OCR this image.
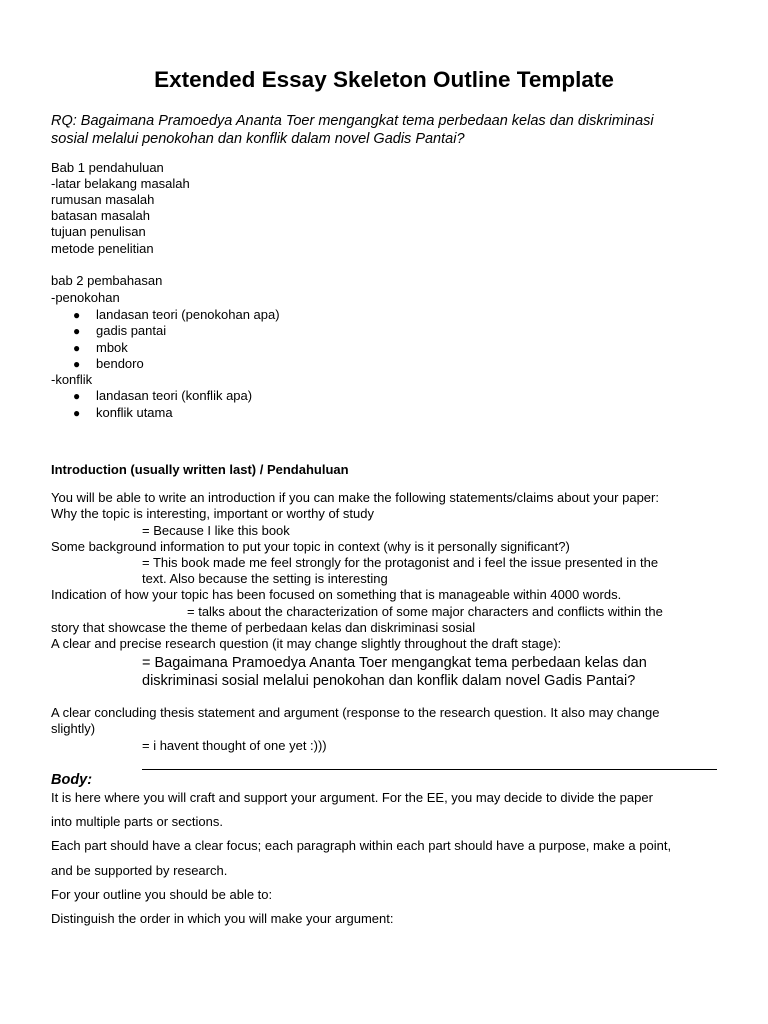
Extended Essay Skeleton Outline Template
RQ: Bagaimana Pramoedya Ananta Toer mengangkat tema perbedaan kelas dan diskriminasi
sosial melalui penokohan dan konflik dalam novel Gadis Pantai?
Bab 1 pendahuluan
-latar belakang masalah
rumusan masalah
batasan masalah
tujuan penulisan
metode penelitian
bab 2 pembahasan
-penokohan
● landasan teori (penokohan apa)
● gadis pantai
● mbok
● bendoro
-konflik
● landasan teori (konflik apa)
● konflik utama
Introduction (usually written last) / Pendahuluan
You will be able to write an introduction if you can make the following statements/claims about your paper:
Why the topic is interesting, important or worthy of study
= Because I like this book
Some background information to put your topic in context (why is it personally significant?)
= This book made me feel strongly for the protagonist and i feel the issue presented in the
text. Also because the setting is interesting
Indication of how your topic has been focused on something that is manageable within 4000 words.
= talks about the characterization of some major characters and conflicts within the
story that showcase the theme of perbedaan kelas dan diskriminasi sosial
A clear and precise research question (it may change slightly throughout the draft stage):
= Bagaimana Pramoedya Ananta Toer mengangkat tema perbedaan kelas dan
diskriminasi sosial melalui penokohan dan konflik dalam novel Gadis Pantai?
A clear concluding thesis statement and argument (response to the research question. It also may change
slightly)
= i havent thought of one yet :)))
Body:
It is here where you will craft and support your argument. For the EE, you may decide to divide the paper
into multiple parts or sections.
Each part should have a clear focus; each paragraph within each part should have a purpose, make a point,
and be supported by research.
For your outline you should be able to:
Distinguish the order in which you will make your argument:
